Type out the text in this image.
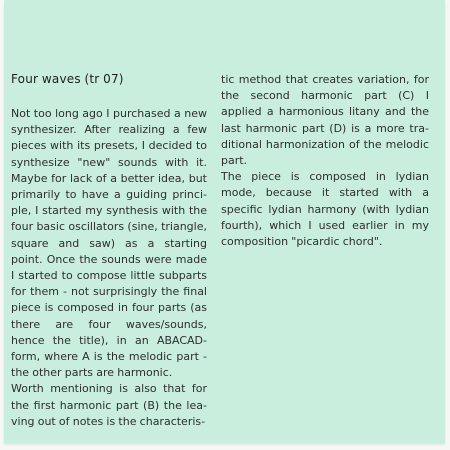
Four waves (tr 07)

Not too long ago I purchased a new synthesizer. After realizing a few pieces with its presets, I decided to synthesize "new" sounds with it. Maybe for lack of a better idea, but primarily to have a guiding principle, I started my synthesis with the four basic oscillators (sine, triangle, square and saw) as a starting point. Once the sounds were made I started to compose little subparts for them - not surprisingly the final piece is composed in four parts (as there are four waves/sounds, hence the title), in an ABACAD-form, where A is the melodic part - the other parts are harmonic.

Worth mentioning is also that for the first harmonic part (B) the leaving out of notes is the characteris-

tic method that creates variation, for the second harmonic part (C) I applied a harmonious litany and the last harmonic part (D) is a more traditional harmonization of the melodic part.

The piece is composed in lydian mode, because it started with a specific lydian harmony (with lydian fourth), which I used earlier in my composition "picardic chord".
